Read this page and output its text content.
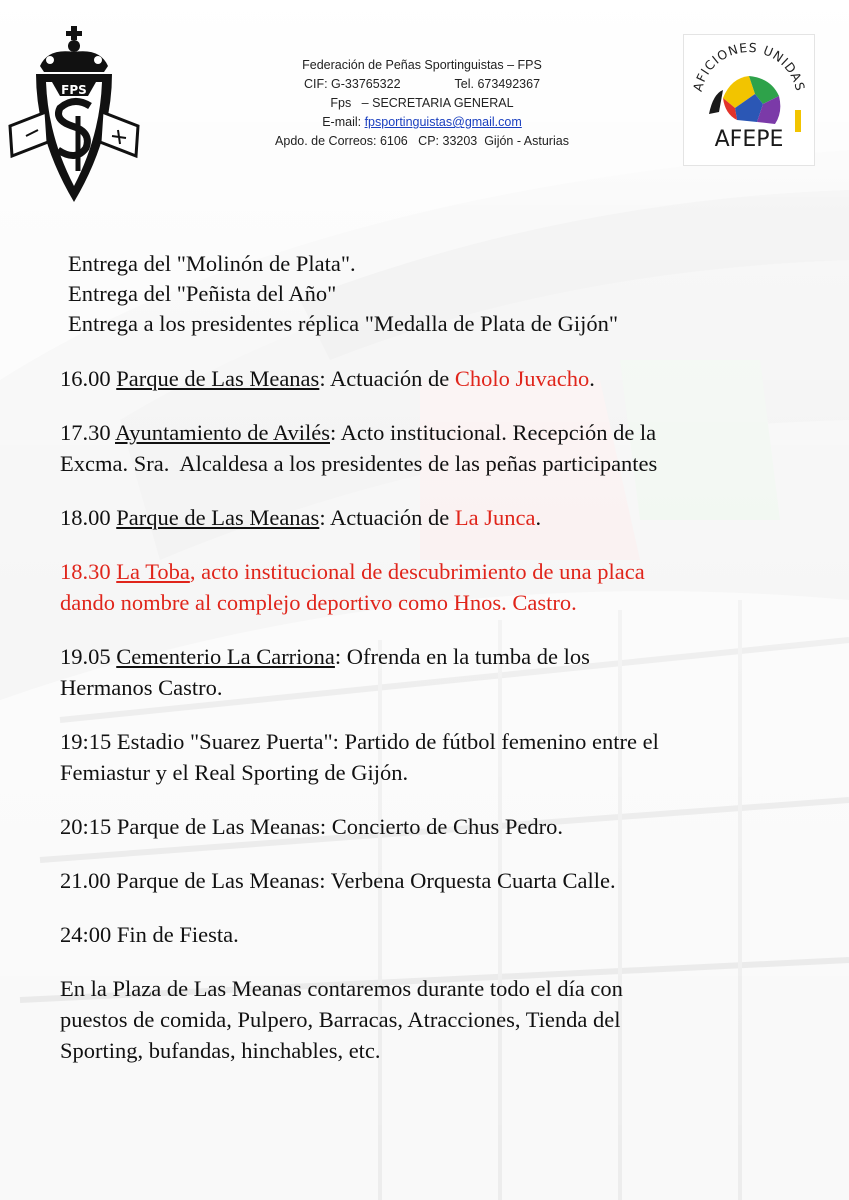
FPS
Federación de Peñas Sportinguistas – FPS
CIF: G-33765322	Tel. 673492367
Fps   – SECRETARIA GENERAL
E-mail: fpsportinguistas@gmail.com
Apdo. de Correos: 6106   CP: 33203  Gijón - Asturias
AFICIONES UNIDAS
AFEPE
Entrega del "Molinón de Plata".
Entrega del "Peñista del Año"
Entrega a los presidentes réplica "Medalla de Plata de Gijón"
16.00 Parque de Las Meanas: Actuación de Cholo Juvacho.
17.30 Ayuntamiento de Avilés: Acto institucional. Recepción de la
Excma. Sra.  Alcaldesa a los presidentes de las peñas participantes
18.00 Parque de Las Meanas: Actuación de La Junca.
18.30 La Toba, acto institucional de descubrimiento de una placa
dando nombre al complejo deportivo como Hnos. Castro.
19.05 Cementerio La Carriona: Ofrenda en la tumba de los
Hermanos Castro.
19:15 Estadio "Suarez Puerta": Partido de fútbol femenino entre el
Femiastur y el Real Sporting de Gijón.
20:15 Parque de Las Meanas: Concierto de Chus Pedro.
21.00 Parque de Las Meanas: Verbena Orquesta Cuarta Calle.
24:00 Fin de Fiesta.
En la Plaza de Las Meanas contaremos durante todo el día con
puestos de comida, Pulpero, Barracas, Atracciones, Tienda del
Sporting, bufandas, hinchables, etc.
